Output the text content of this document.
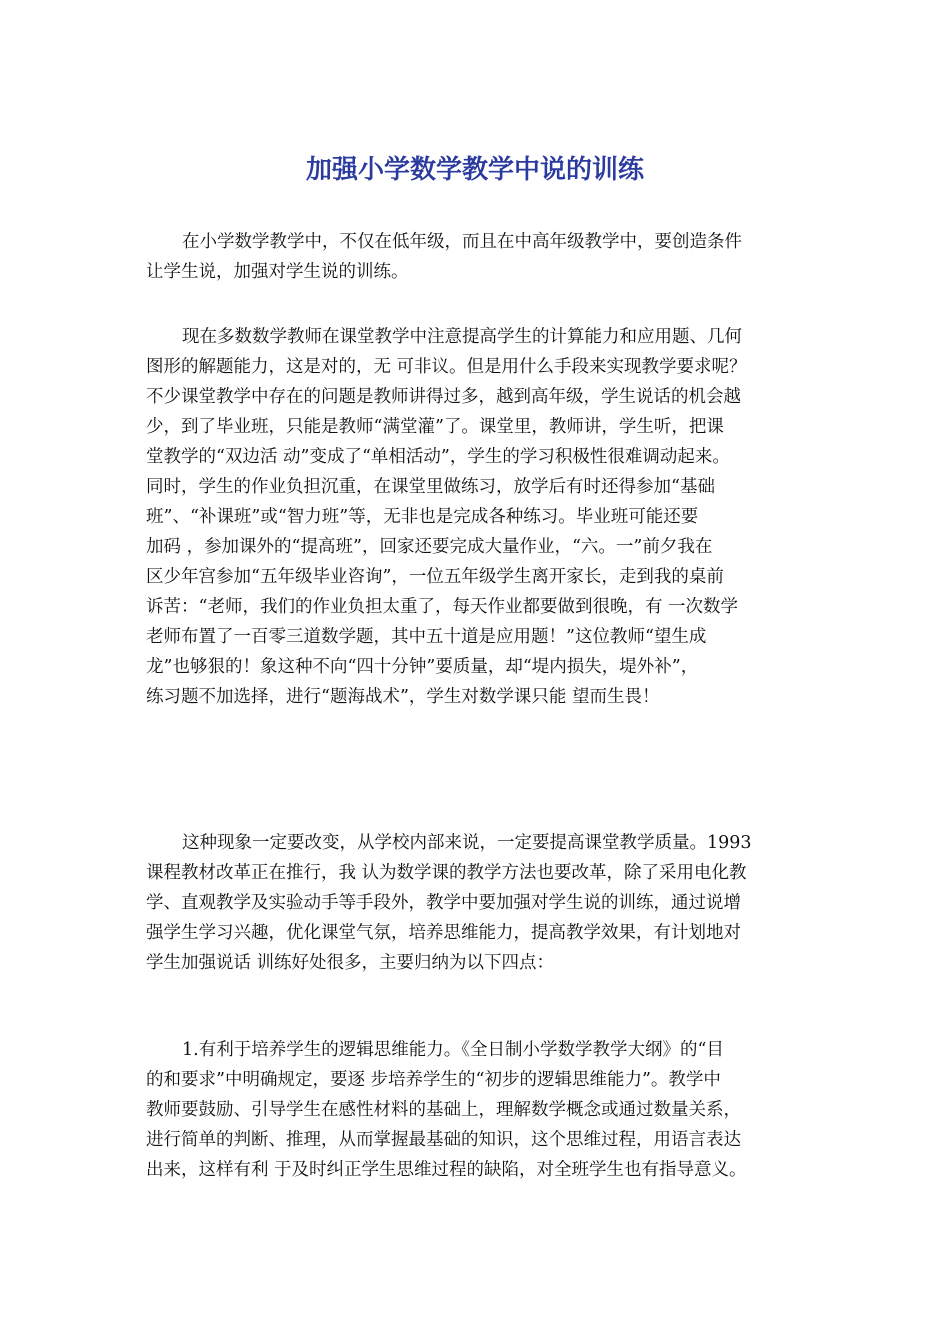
加强小学数学教学中说的训练
在小学数学教学中，不仅在低年级，而且在中高年级教学中，要创造条件
让学生说，加强对学生说的训练。
现在多数数学教师在课堂教学中注意提高学生的计算能力和应用题、几何
图形的解题能力，这是对的，无 可非议。但是用什么手段来实现教学要求呢？
不少课堂教学中存在的问题是教师讲得过多，越到高年级，学生说话的机会越
少，到了毕业班，只能是教师“满堂灌”了。课堂里，教师讲，学生听，把课
堂教学的“双边活 动”变成了“单相活动”，学生的学习积极性很难调动起来。
同时，学生的作业负担沉重，在课堂里做练习，放学后有时还得参加“基础
班”、“补课班”或“智力班”等，无非也是完成各种练习。毕业班可能还要
加码 ，参加课外的“提高班”，回家还要完成大量作业，“六。一”前夕我在
区少年宫参加“五年级毕业咨询”，一位五年级学生离开家长，走到我的桌前
诉苦：“老师，我们的作业负担太重了，每天作业都要做到很晚，有 一次数学
老师布置了一百零三道数学题，其中五十道是应用题！”这位教师“望生成
龙”也够狠的！象这种不向“四十分钟”要质量，却“堤内损失，堤外补”，
练习题不加选择，进行“题海战术”，学生对数学课只能 望而生畏！
这种现象一定要改变，从学校内部来说，一定要提高课堂教学质量。1993
课程教材改革正在推行，我 认为数学课的教学方法也要改革，除了采用电化教
学、直观教学及实验动手等手段外，教学中要加强对学生说的训练，通过说增
强学生学习兴趣，优化课堂气氛，培养思维能力，提高教学效果，有计划地对
学生加强说话 训练好处很多，主要归纳为以下四点：
1.有利于培养学生的逻辑思维能力。《全日制小学数学教学大纲》的“目
的和要求”中明确规定，要逐 步培养学生的“初步的逻辑思维能力”。教学中
教师要鼓励、引导学生在感性材料的基础上，理解数学概念或通过数量关系，
进行简单的判断、推理，从而掌握最基础的知识，这个思维过程，用语言表达
出来，这样有利 于及时纠正学生思维过程的缺陷，对全班学生也有指导意义。
